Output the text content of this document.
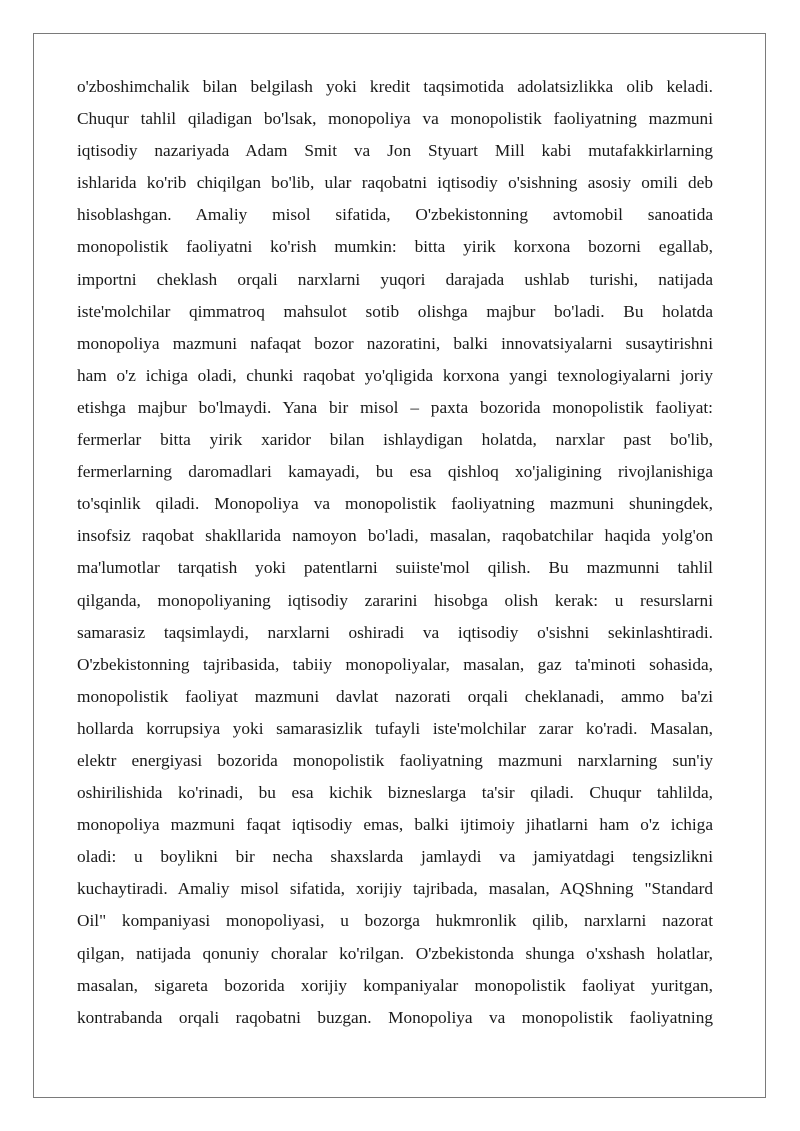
o'zboshimchalik bilan belgilash yoki kredit taqsimotida adolatsizlikka olib keladi.
Chuqur tahlil qiladigan bo'lsak, monopoliya va monopolistik faoliyatning mazmuni
iqtisodiy nazariyada Adam Smit va Jon Styuart Mill kabi mutafakkirlarning
ishlarida ko'rib chiqilgan bo'lib, ular raqobatni iqtisodiy o'sishning asosiy omili deb
hisoblashgan. Amaliy misol sifatida, O'zbekistonning avtomobil sanoatida
monopolistik faoliyatni ko'rish mumkin: bitta yirik korxona bozorni egallab,
importni cheklash orqali narxlarni yuqori darajada ushlab turishi, natijada
iste'molchilar qimmatroq mahsulot sotib olishga majbur bo'ladi. Bu holatda
monopoliya mazmuni nafaqat bozor nazoratini, balki innovatsiyalarni susaytirishni
ham o'z ichiga oladi, chunki raqobat yo'qligida korxona yangi texnologiyalarni joriy
etishga majbur bo'lmaydi. Yana bir misol – paxta bozorida monopolistik faoliyat:
fermerlar bitta yirik xaridor bilan ishlaydigan holatda, narxlar past bo'lib,
fermerlarning daromadlari kamayadi, bu esa qishloq xo'jaligining rivojlanishiga
to'sqinlik qiladi. Monopoliya va monopolistik faoliyatning mazmuni shuningdek,
insofsiz raqobat shakllarida namoyon bo'ladi, masalan, raqobatchilar haqida yolg'on
ma'lumotlar tarqatish yoki patentlarni suiiste'mol qilish. Bu mazmunni tahlil
qilganda, monopoliyaning iqtisodiy zararini hisobga olish kerak: u resurslarni
samarasiz taqsimlaydi, narxlarni oshiradi va iqtisodiy o'sishni sekinlashtiradi.
O'zbekistonning tajribasida, tabiiy monopoliyalar, masalan, gaz ta'minoti sohasida,
monopolistik faoliyat mazmuni davlat nazorati orqali cheklanadi, ammo ba'zi
hollarda korrupsiya yoki samarasizlik tufayli iste'molchilar zarar ko'radi. Masalan,
elektr energiyasi bozorida monopolistik faoliyatning mazmuni narxlarning sun'iy
oshirilishida ko'rinadi, bu esa kichik bizneslarga ta'sir qiladi. Chuqur tahlilda,
monopoliya mazmuni faqat iqtisodiy emas, balki ijtimoiy jihatlarni ham o'z ichiga
oladi: u boylikni bir necha shaxslarda jamlaydi va jamiyatdagi tengsizlikni
kuchaytiradi. Amaliy misol sifatida, xorijiy tajribada, masalan, AQShning "Standard
Oil" kompaniyasi monopoliyasi, u bozorga hukmronlik qilib, narxlarni nazorat
qilgan, natijada qonuniy choralar ko'rilgan. O'zbekistonda shunga o'xshash holatlar,
masalan, sigareta bozorida xorijiy kompaniyalar monopolistik faoliyat yuritgan,
kontrabanda orqali raqobatni buzgan. Monopoliya va monopolistik faoliyatning
